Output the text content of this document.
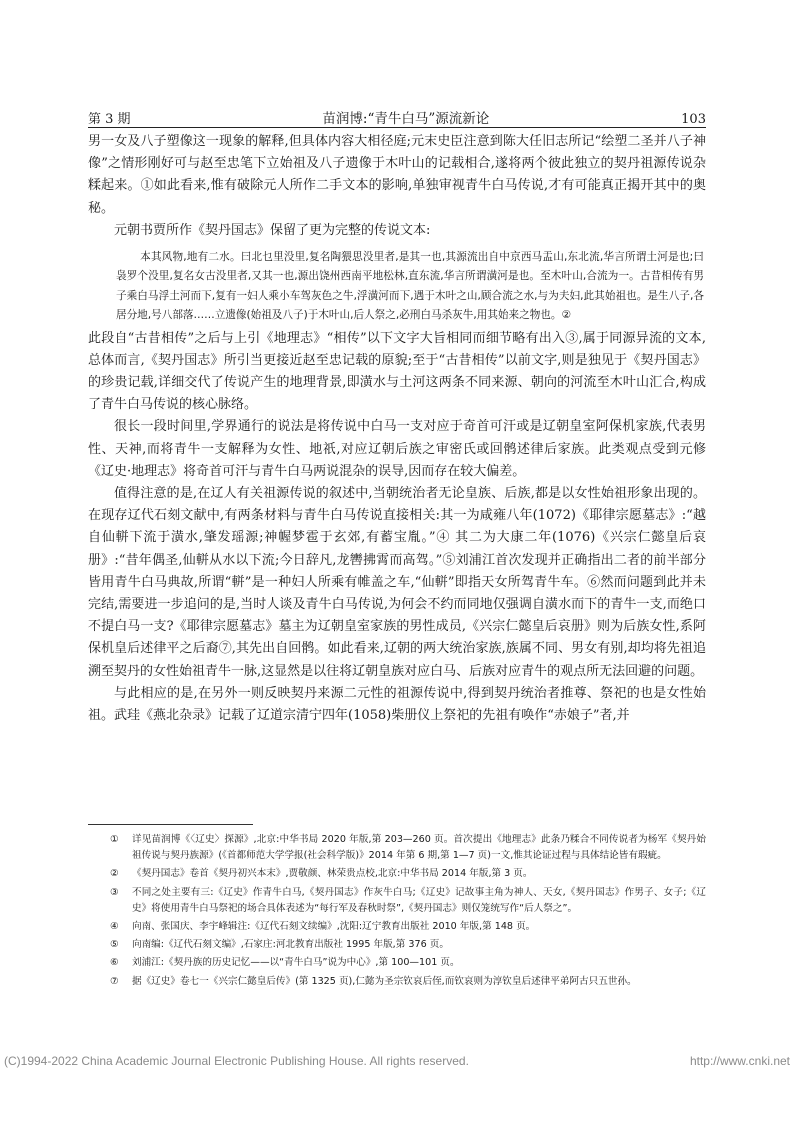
第 3 期	苗润博:“青牛白马”源流新论	103

男一女及八子塑像这一现象的解释,但具体内容大相径庭;元末史臣注意到陈大任旧志所记“绘塑二圣并八子神像”之情形刚好可与赵至忠笔下立始祖及八子遗像于木叶山的记载相合,遂将两个彼此独立的契丹祖源传说杂糅起来。①如此看来,惟有破除元人所作二手文本的影响,单独审视青牛白马传说,才有可能真正揭开其中的奥秘。

元朝书贾所作《契丹国志》保留了更为完整的传说文本:

本其风物,地有二水。曰北乜里没里,复名陶猥思没里者,是其一也,其源流出自中京西马盂山,东北流,华言所谓土河是也;曰袅罗个没里,复名女古没里者,又其一也,源出饶州西南平地松林,直东流,华言所谓潢河是也。至木叶山,合流为一。古昔相传有男子乘白马浮土河而下,复有一妇人乘小车驾灰色之牛,浮潢河而下,遇于木叶之山,顾合流之水,与为夫妇,此其始祖也。是生八子,各居分地,号八部落……立遗像(始祖及八子)于木叶山,后人祭之,必刑白马杀灰牛,用其始来之物也。②

此段自“古昔相传”之后与上引《地理志》“相传”以下文字大旨相同而细节略有出入③,属于同源异流的文本,总体而言,《契丹国志》所引当更接近赵至忠记载的原貌;至于“古昔相传”以前文字,则是独见于《契丹国志》的珍贵记载,详细交代了传说产生的地理背景,即潢水与土河这两条不同来源、朝向的河流至木叶山汇合,构成了青牛白马传说的核心脉络。

很长一段时间里,学界通行的说法是将传说中白马一支对应于奇首可汗或是辽朝皇室阿保机家族,代表男性、天神,而将青牛一支解释为女性、地祇,对应辽朝后族之审密氏或回鹘述律后家族。此类观点受到元修《辽史·地理志》将奇首可汗与青牛白马两说混杂的误导,因而存在较大偏差。

值得注意的是,在辽人有关祖源传说的叙述中,当朝统治者无论皇族、后族,都是以女性始祖形象出现的。在现存辽代石刻文献中,有两条材料与青牛白马传说直接相关:其一为咸雍八年(1072)《耶律宗愿墓志》:“越自仙軿下流于潢水,肇发瑶源;神幄梦雹于玄郊,有蓄宝胤。”④ 其二为大康二年(1076)《兴宗仁懿皇后哀册》:“昔年偶圣,仙軿从水以下流;今日辞凡,龙轡拂霄而高驾。”⑤刘浦江首次发现并正确指出二者的前半部分皆用青牛白马典故,所谓“軿”是一种妇人所乘有帷盖之车,“仙軿”即指天女所驾青牛车。⑥然而问题到此并未完结,需要进一步追问的是,当时人谈及青牛白马传说,为何会不约而同地仅强调自潢水而下的青牛一支,而绝口不提白马一支?《耶律宗愿墓志》墓主为辽朝皇室家族的男性成员,《兴宗仁懿皇后哀册》则为后族女性,系阿保机皇后述律平之后裔⑦,其先出自回鹘。如此看来,辽朝的两大统治家族,族属不同、男女有别,却均将先祖追溯至契丹的女性始祖青牛一脉,这显然是以往将辽朝皇族对应白马、后族对应青牛的观点所无法回避的问题。

与此相应的是,在另外一则反映契丹来源二元性的祖源传说中,得到契丹统治者推尊、祭祀的也是女性始祖。武珪《燕北杂录》记载了辽道宗清宁四年(1058)柴册仪上祭祀的先祖有唤作“赤娘子”者,并

①	详见苗润博《〈辽史〉探源》,北京:中华书局 2020 年版,第 203—260 页。首次提出《地理志》此条乃糅合不同传说者为杨军《契丹始祖传说与契丹族源》(《首都师范大学学报(社会科学版)》2014 年第 6 期,第 1—7 页)一文,惟其论证过程与具体结论皆有瑕疵。
②	《契丹国志》卷首《契丹初兴本末》,贾敬颜、林荣贵点校,北京:中华书局 2014 年版,第 3 页。
③	不同之处主要有三:《辽史》作青牛白马,《契丹国志》作灰牛白马;《辽史》记故事主角为神人、天女,《契丹国志》作男子、女子;《辽史》将使用青牛白马祭祀的场合具体表述为“每行军及春秋时祭”,《契丹国志》则仅笼统写作“后人祭之”。
④	向南、张国庆、李宇峰辑注:《辽代石刻文续编》,沈阳:辽宁教育出版社 2010 年版,第 148 页。
⑤	向南编:《辽代石刻文编》,石家庄:河北教育出版社 1995 年版,第 376 页。
⑥	刘浦江:《契丹族的历史记忆——以“青牛白马”说为中心》,第 100—101 页。
⑦	据《辽史》卷七一《兴宗仁懿皇后传》(第 1325 页),仁懿为圣宗钦哀后侄,而钦哀则为淳钦皇后述律平弟阿古只五世孙。
(C)1994-2022 China Academic Journal Electronic Publishing House. All rights reserved.	http://www.cnki.net
